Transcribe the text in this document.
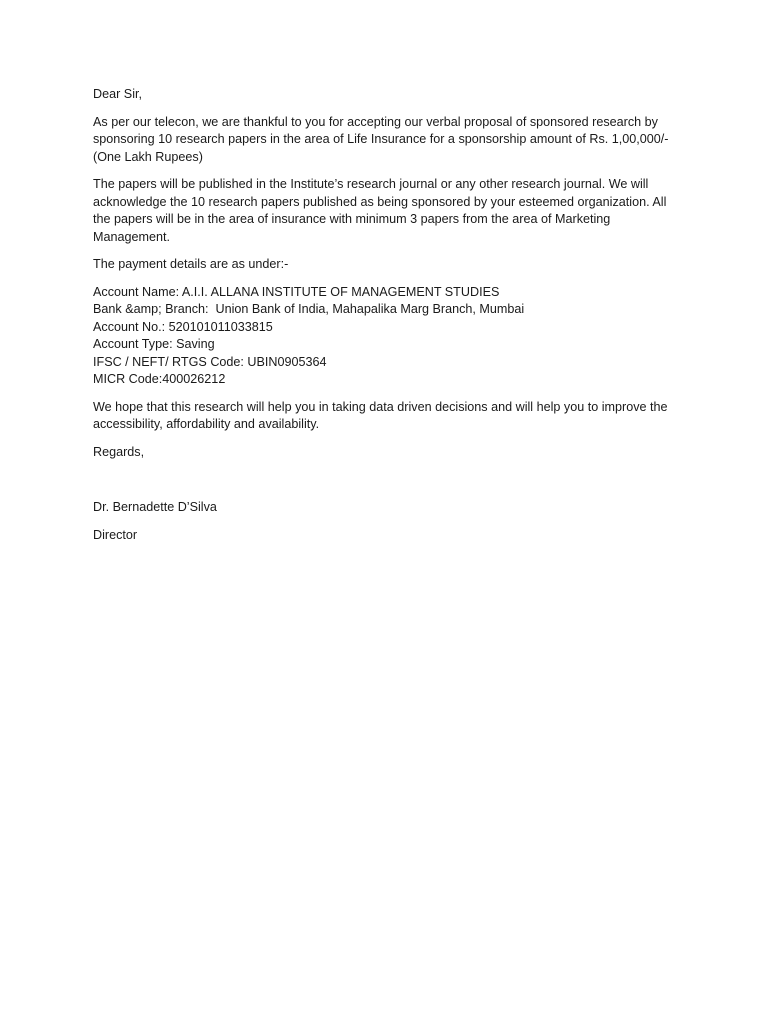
Dear Sir,

As per our telecon, we are thankful to you for accepting our verbal proposal of sponsored research by sponsoring 10 research papers in the area of Life Insurance for a sponsorship amount of Rs. 1,00,000/- (One Lakh Rupees)

The papers will be published in the Institute’s research journal or any other research journal. We will acknowledge the 10 research papers published as being sponsored by your esteemed organization. All the papers will be in the area of insurance with minimum 3 papers from the area of Marketing Management.

The payment details are as under:-

Account Name: A.I.I. ALLANA INSTITUTE OF MANAGEMENT STUDIES
Bank &amp; Branch:  Union Bank of India, Mahapalika Marg Branch, Mumbai
Account No.: 520101011033815
Account Type: Saving
IFSC / NEFT/ RTGS Code: UBIN0905364
MICR Code:400026212

We hope that this research will help you in taking data driven decisions and will help you to improve the accessibility, affordability and availability.

Regards,

Dr. Bernadette D’Silva

Director
